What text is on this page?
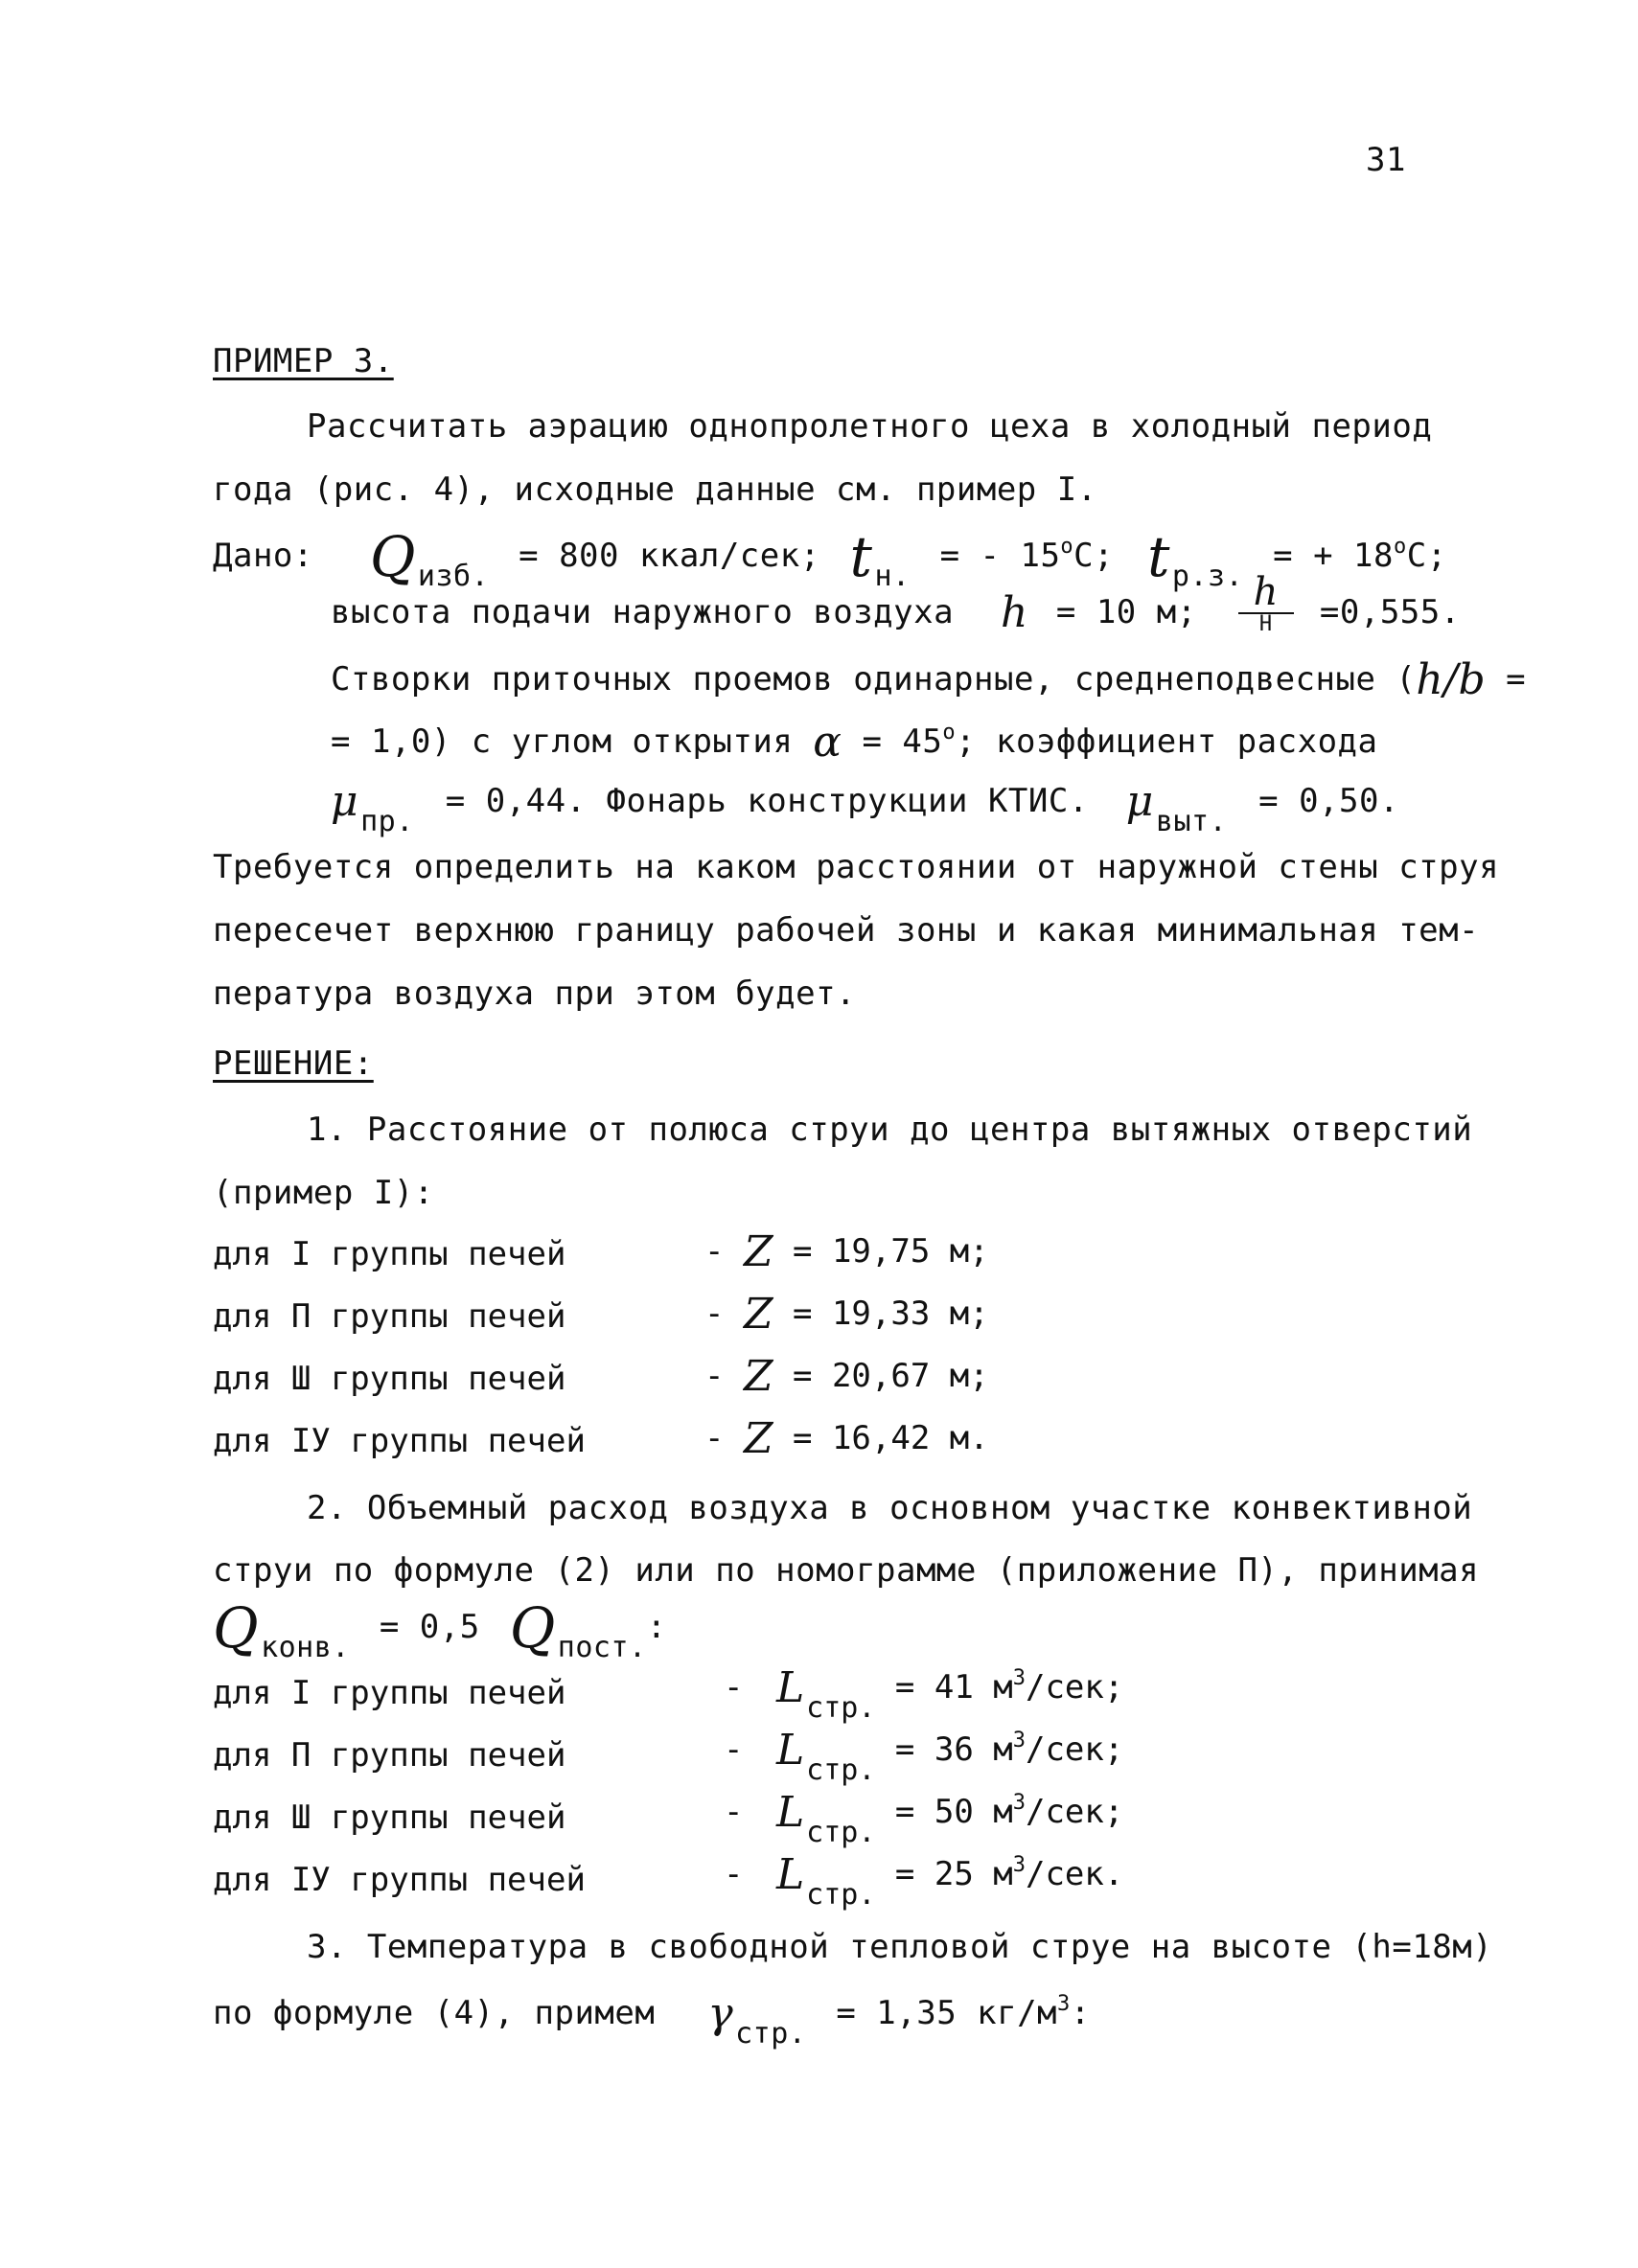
31
ПРИМЕР 3.
Рассчитать аэрацию однопролетного цеха в холодный период
года (рис. 4), исходные данные см. пример I.
Дано: Qизб. = 800 ккал/сек; tн. = - $15^оС$; tр.з. = + $18^оС$;
высота подачи наружного воздуха h = 10 м; $\frac{h}{Н} =0,555$.
Створки приточных проемов одинарные, среднеподвесные (h/b =
= 1,0) с углом открытия $\alpha = 45^о$; коэффициент расхода
μпр. = 0,44. Фонарь конструкции КТИС. μвыт. = 0,50.
Требуется определить на каком расстоянии от наружной стены струя
пересечет верхнюю границу рабочей зоны и какая минимальная тем-
пература воздуха при этом будет.
РЕШЕНИЕ:
1. Расстояние от полюса струи до центра вытяжных отверстий
(пример I):
для I группы печей	- Z = 19,75 м;
для П группы печей	- Z = 19,33 м;
для Ш группы печей	- Z = 20,67 м;
для IУ группы печей	- Z = 16,42 м.
2. Объемный расход воздуха в основном участке конвективной
струи по формуле (2) или по номограмме (приложение П), принимая
Qконв. = 0,5 Qпост.:
для I группы печей	- Lстр. = 41 $м^3$/сек;
для П группы печей	- Lстр. = 36 $м^3$/сек;
для Ш группы печей	- Lстр. = 50 $м^3$/сек;
для IУ группы печей	- Lстр. = 25 $м^3$/сек.
3. Температура в свободной тепловой струе на высоте (h=18м)
по формуле (4), примем γстр. = 1,35 $кг/м^3$:
